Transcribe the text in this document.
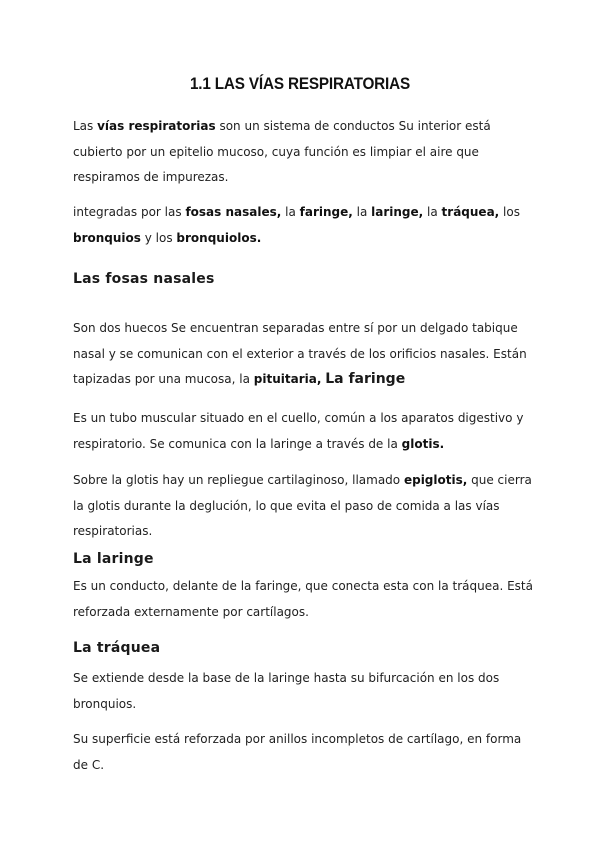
1.1 LAS VÍAS RESPIRATORIAS

Las vías respiratorias son un sistema de conductos Su interior está cubierto por un epitelio mucoso, cuya función es limpiar el aire que respiramos de impurezas.

integradas por las fosas nasales, la faringe, la laringe, la tráquea, los bronquios y los bronquiolos.

Las fosas nasales

Son dos huecos Se encuentran separadas entre sí por un delgado tabique nasal y se comunican con el exterior a través de los orificios nasales. Están tapizadas por una mucosa, la pituitaria, La faringe

Es un tubo muscular situado en el cuello, común a los aparatos digestivo y respiratorio. Se comunica con la laringe a través de la glotis.

Sobre la glotis hay un repliegue cartilaginoso, llamado epiglotis, que cierra la glotis durante la deglución, lo que evita el paso de comida a las vías respiratorias.

La laringe

Es un conducto, delante de la faringe, que conecta esta con la tráquea. Está reforzada externamente por cartílagos.

La tráquea

Se extiende desde la base de la laringe hasta su bifurcación en los dos bronquios.

Su superficie está reforzada por anillos incompletos de cartílago, en forma de C.
